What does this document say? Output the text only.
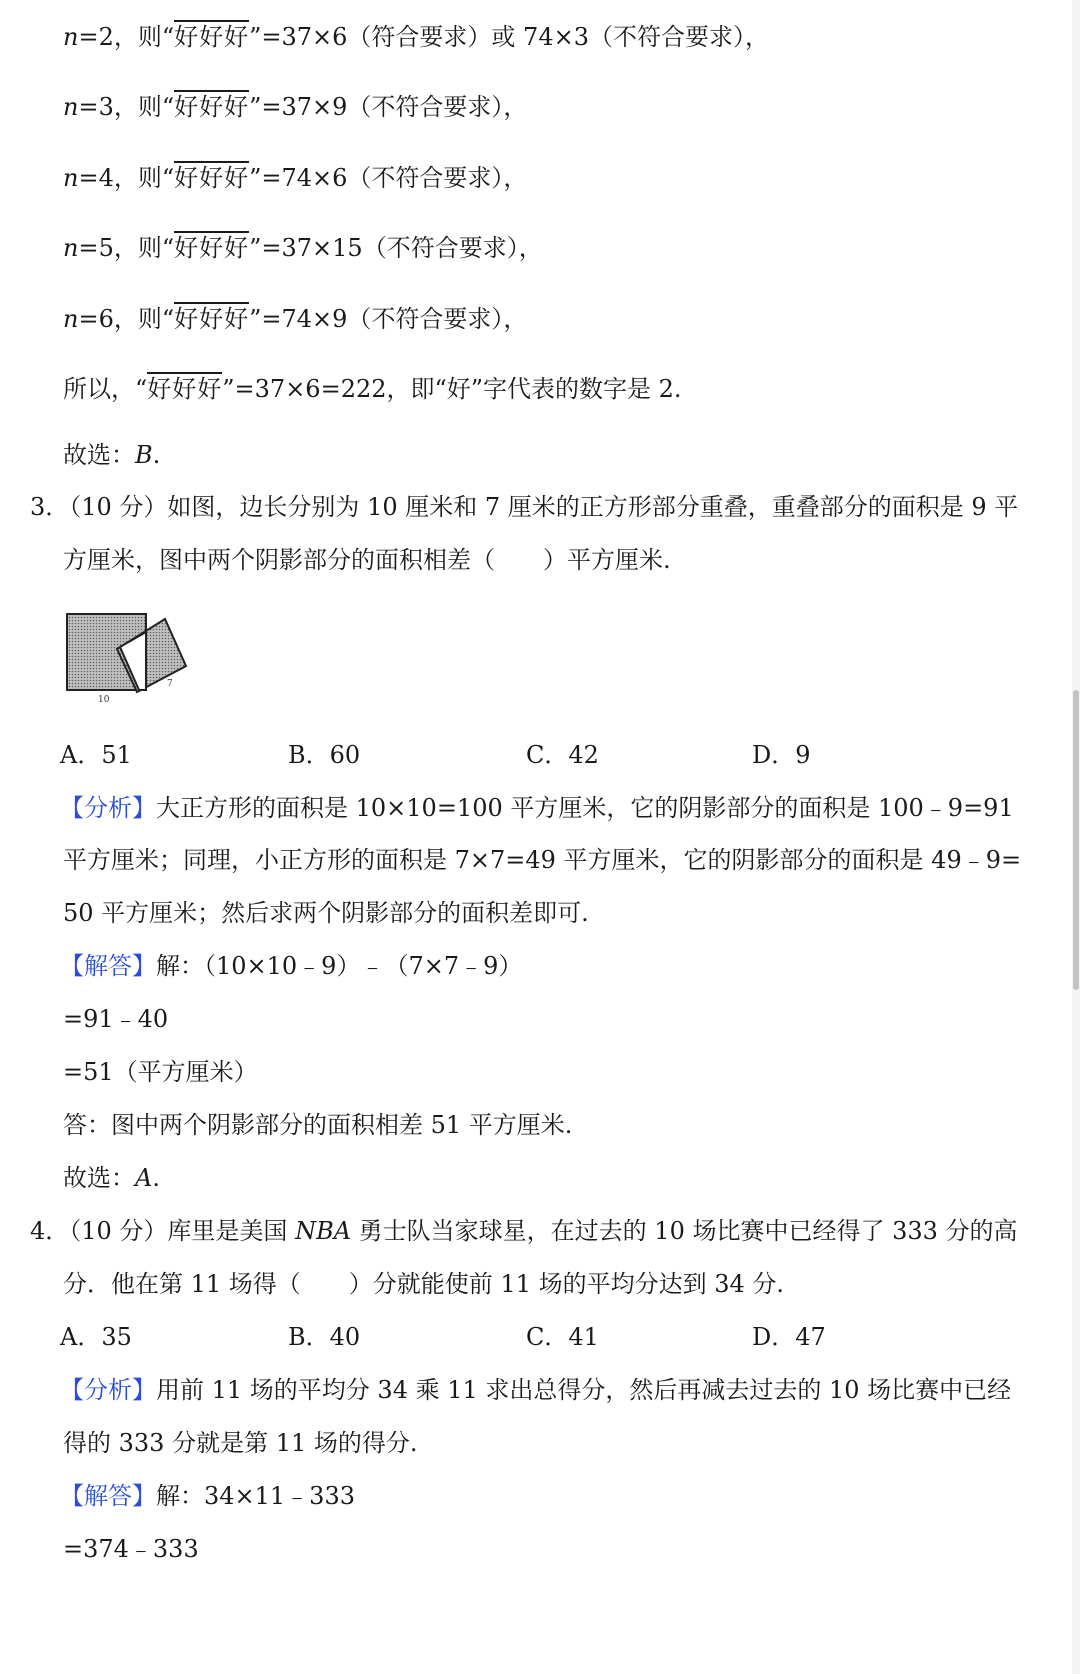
n=2，则“好好好”=37×6（符合要求）或 74×3（不符合要求），
n=3，则“好好好”=37×9（不符合要求），
n=4，则“好好好”=74×6（不符合要求），
n=5，则“好好好”=37×15（不符合要求），
n=6，则“好好好”=74×9（不符合要求），
所以，“好好好”=37×6=222，即“好”字代表的数字是 2.
故选：B.
3．（10 分）如图，边长分别为 10 厘米和 7 厘米的正方形部分重叠，重叠部分的面积是 9 平
方厘米，图中两个阴影部分的面积相差（　　）平方厘米.
10
7
A．51	B．60	C．42	D．9
【分析】大正方形的面积是 10×10=100 平方厘米，它的阴影部分的面积是 100﹣9=91
平方厘米；同理，小正方形的面积是 7×7=49 平方厘米，它的阴影部分的面积是 49﹣9=
50 平方厘米；然后求两个阴影部分的面积差即可.
【解答】解：（10×10﹣9）﹣（7×7﹣9）
=91﹣40
=51（平方厘米）
答：图中两个阴影部分的面积相差 51 平方厘米.
故选：A.
4．（10 分）库里是美国 NBA 勇士队当家球星，在过去的 10 场比赛中已经得了 333 分的高
分．他在第 11 场得（　　）分就能使前 11 场的平均分达到 34 分.
A．35	B．40	C．41	D．47
【分析】用前 11 场的平均分 34 乘 11 求出总得分，然后再减去过去的 10 场比赛中已经
得的 333 分就是第 11 场的得分.
【解答】解：34×11﹣333
=374﹣333
